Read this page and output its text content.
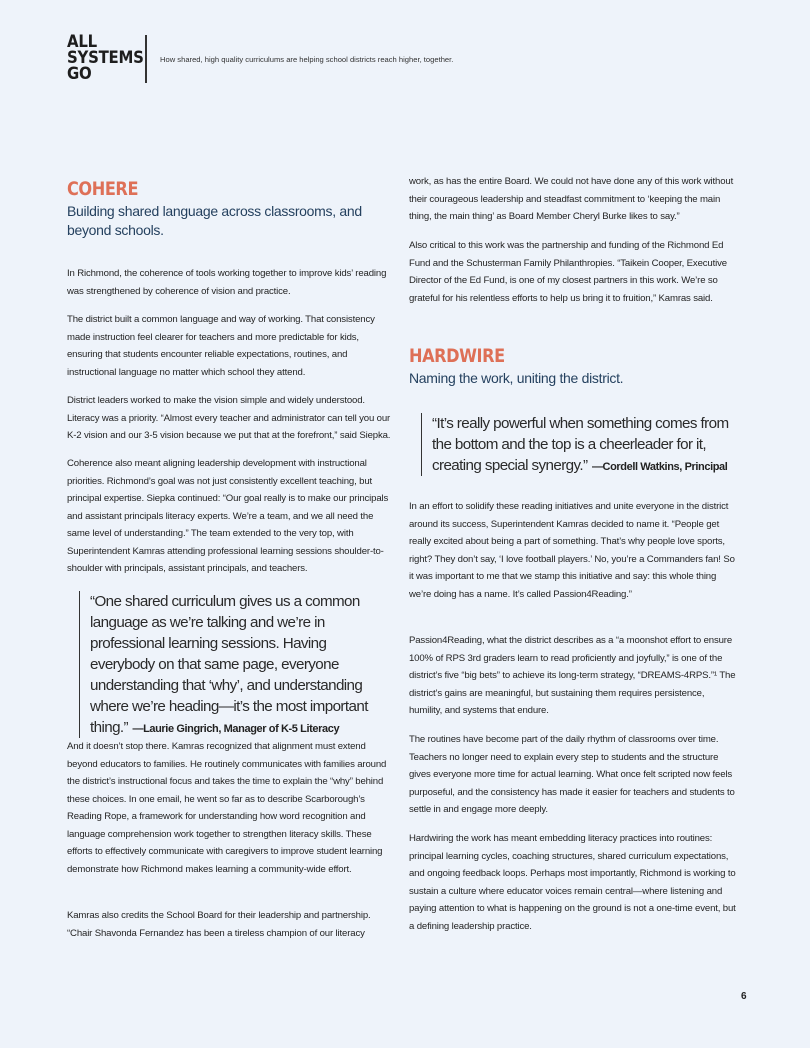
ALL
SYSTEMS
GO
How shared, high quality curriculums are helping school districts reach higher, together.
COHERE

Building shared language across classrooms, and beyond schools.

In Richmond, the coherence of tools working together to improve kids’ reading was strengthened by coherence of vision and practice.

The district built a common language and way of working. That consistency made instruction feel clearer for teachers and more predictable for kids, ensuring that students encounter reliable expectations, routines, and instructional language no matter which school they attend.

District leaders worked to make the vision simple and widely understood. Literacy was a priority. “Almost every teacher and administrator can tell you our K-2 vision and our 3-5 vision because we put that at the forefront,” said Siepka.

Coherence also meant aligning leadership development with instructional priorities. Richmond’s goal was not just consistently excellent teaching, but principal expertise. Siepka continued: “Our goal really is to make our principals and assistant principals literacy experts. We’re a team, and we all need the same level of understanding.” The team extended to the very top, with Superintendent Kamras attending professional learning sessions shoulder-to-shoulder with principals, assistant principals, and teachers.

“One shared curriculum gives us a common language as we’re talking and we’re in professional learning sessions. Having everybody on that same page, everyone understanding that ‘why’, and understanding where we’re heading—it’s the most important thing.” —Laurie Gingrich, Manager of K-5 Literacy

And it doesn’t stop there. Kamras recognized that alignment must extend beyond educators to families. He routinely communicates with families around the district’s instructional focus and takes the time to explain the “why” behind these choices. In one email, he went so far as to describe Scarborough’s Reading Rope, a framework for understanding how word recognition and language comprehension work together to strengthen literacy skills. These efforts to effectively communicate with caregivers to improve student learning demonstrate how Richmond makes learning a community-wide effort.

Kamras also credits the School Board for their leadership and partnership. “Chair Shavonda Fernandez has been a tireless champion of our literacy

work, as has the entire Board. We could not have done any of this work without their courageous leadership and steadfast commitment to ‘keeping the main thing, the main thing’ as Board Member Cheryl Burke likes to say.”

Also critical to this work was the partnership and funding of the Richmond Ed Fund and the Schusterman Family Philanthropies. “Taikein Cooper, Executive Director of the Ed Fund, is one of my closest partners in this work. We’re so grateful for his relentless efforts to help us bring it to fruition,” Kamras said.

HARDWIRE

Naming the work, uniting the district.

“It’s really powerful when something comes from the bottom and the top is a cheerleader for it, creating special synergy.” —Cordell Watkins, Principal

In an effort to solidify these reading initiatives and unite everyone in the district around its success, Superintendent Kamras decided to name it. “People get really excited about being a part of something. That’s why people love sports, right? They don’t say, ‘I love football players.’ No, you’re a Commanders fan! So it was important to me that we stamp this initiative and say: this whole thing we’re doing has a name. It’s called Passion4Reading.”

Passion4Reading, what the district describes as a “a moonshot effort to ensure 100% of RPS 3rd graders learn to read proficiently and joyfully,” is one of the district’s five “big bets” to achieve its long-term strategy, “DREAMS-4RPS.”¹ The district’s gains are meaningful, but sustaining them requires persistence, humility, and systems that endure.

The routines have become part of the daily rhythm of classrooms over time. Teachers no longer need to explain every step to students and the structure gives everyone more time for actual learning. What once felt scripted now feels purposeful, and the consistency has made it easier for teachers and students to settle in and engage more deeply.

Hardwiring the work has meant embedding literacy practices into routines: principal learning cycles, coaching structures, shared curriculum expectations, and ongoing feedback loops. Perhaps most importantly, Richmond is working to sustain a culture where educator voices remain central—where listening and paying attention to what is happening on the ground is not a one-time event, but a defining leadership practice.

6
